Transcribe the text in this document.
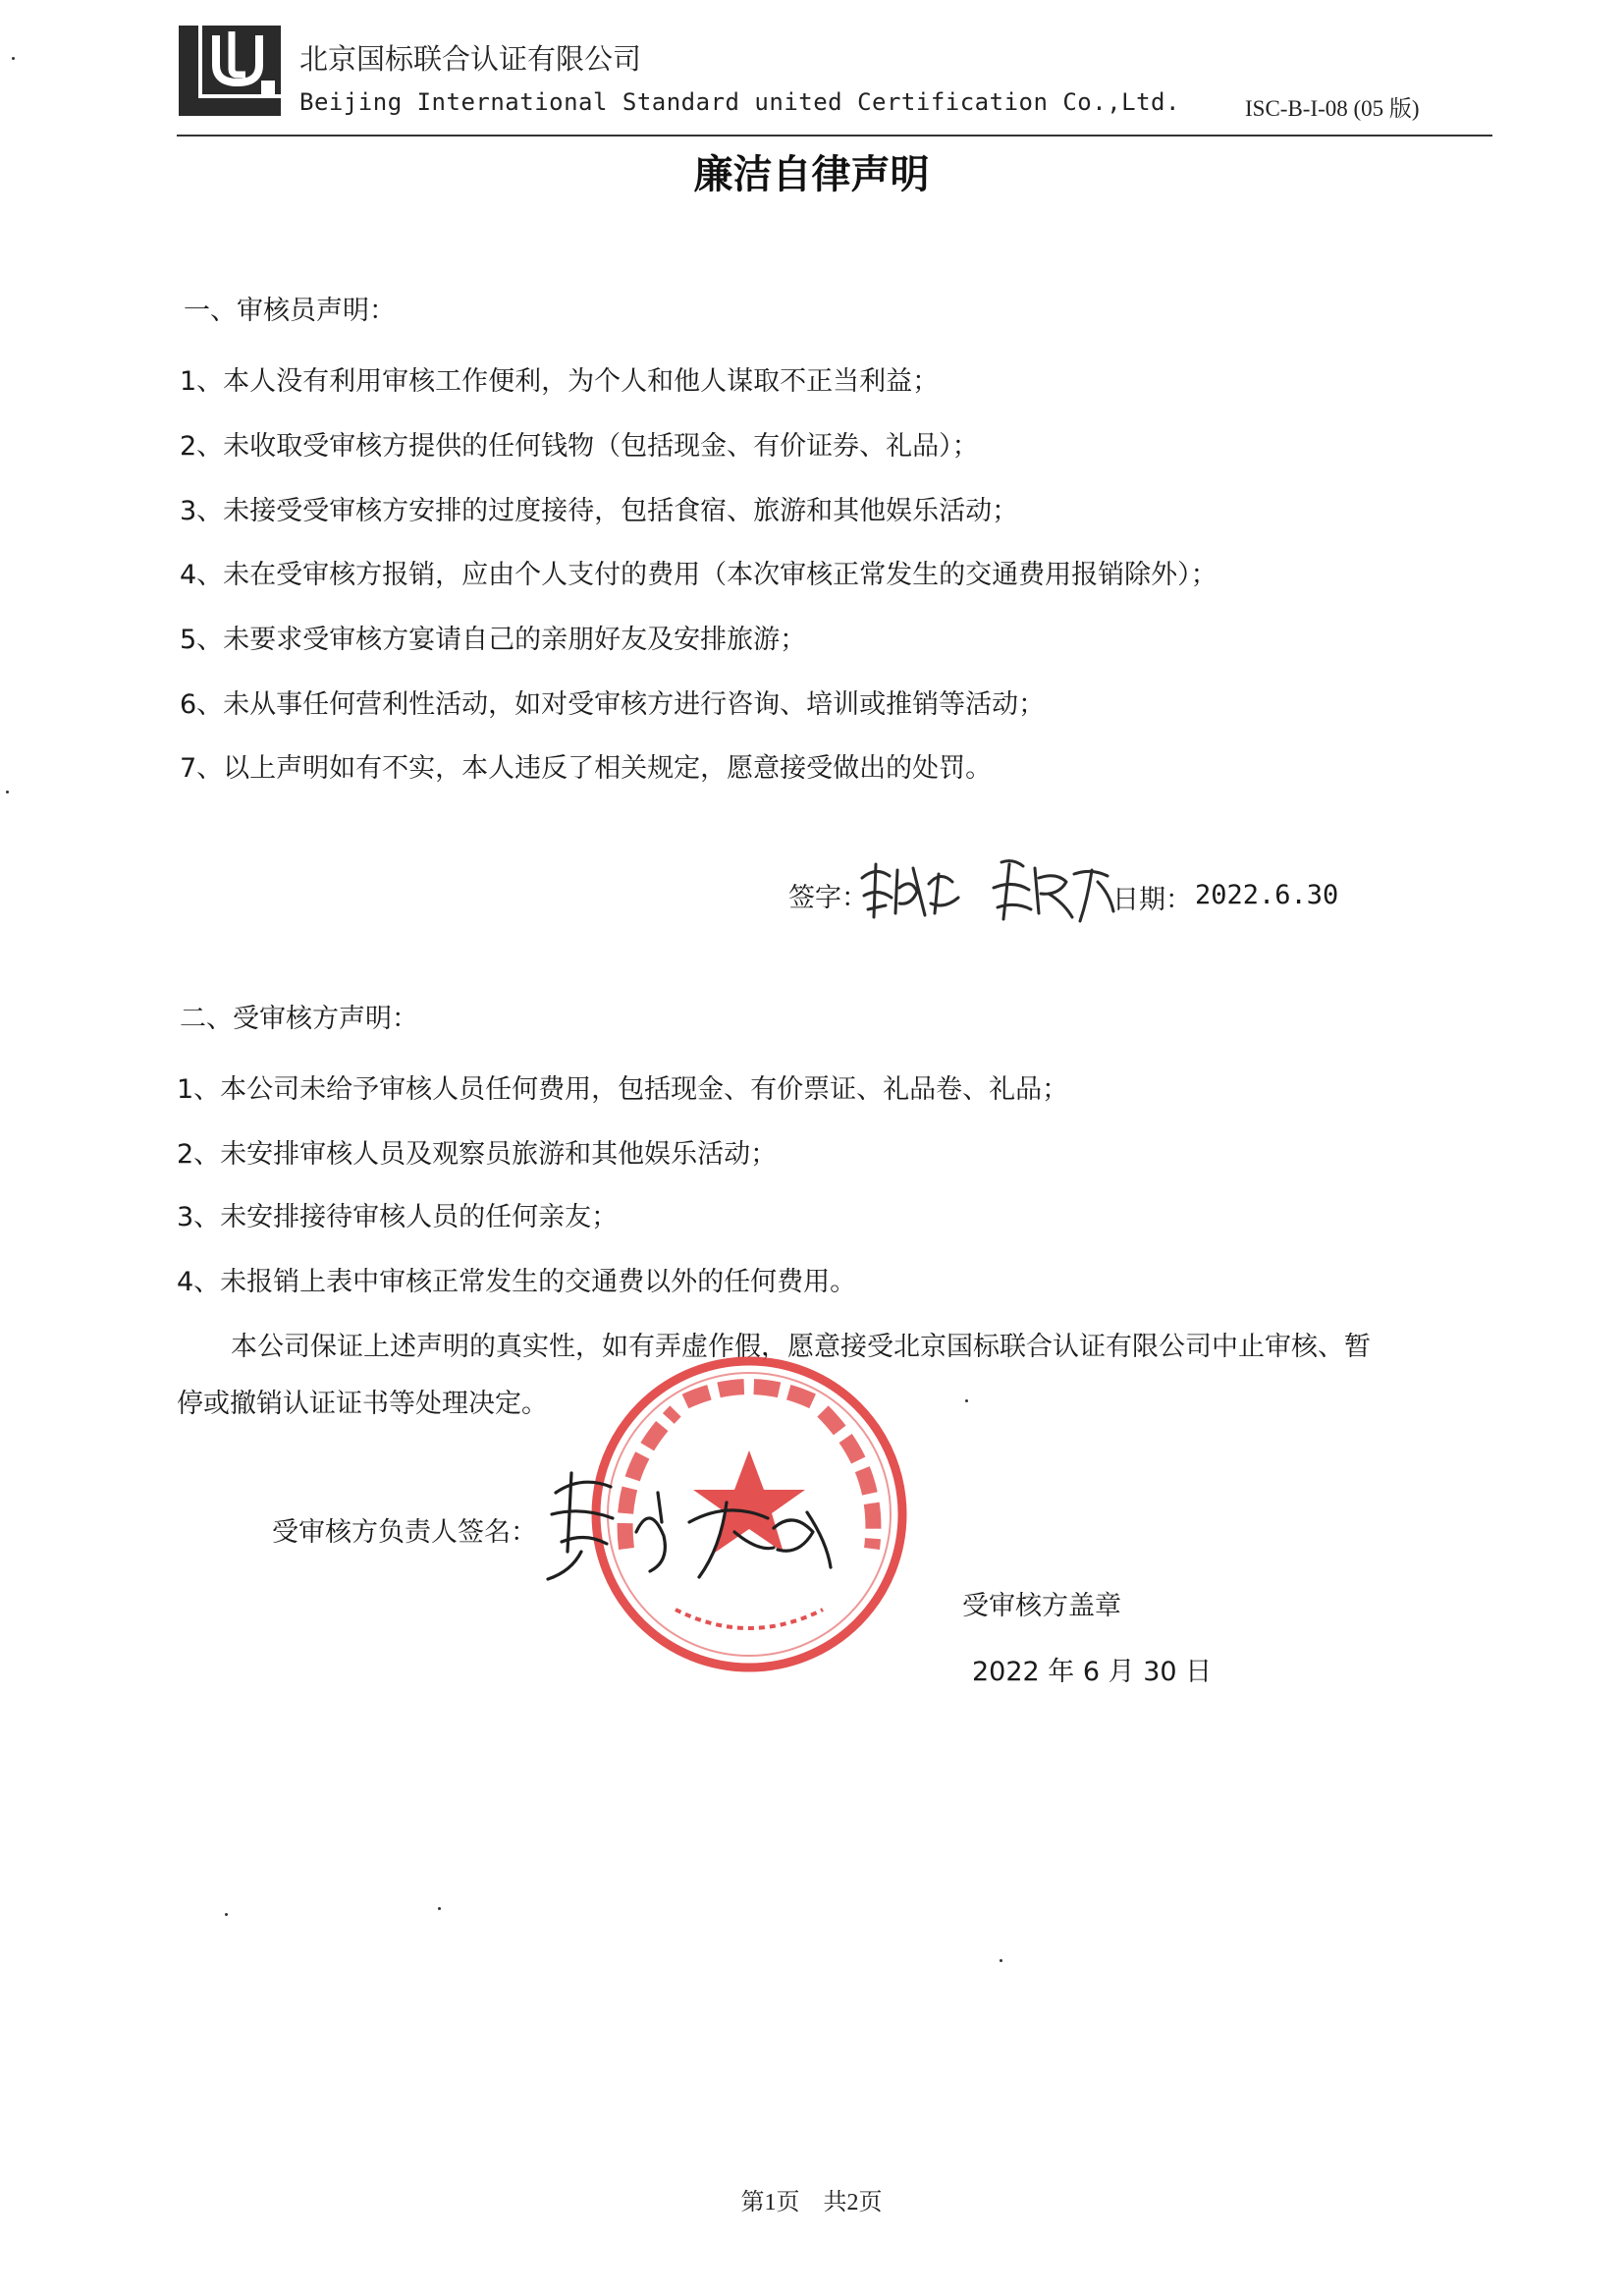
北京国标联合认证有限公司
Beijing International Standard united Certification Co.,Ltd.	ISC-B-I-08 (05 版)
廉洁自律声明
一、审核员声明：
1、本人没有利用审核工作便利，为个人和他人谋取不正当利益；
2、未收取受审核方提供的任何钱物（包括现金、有价证券、礼品）；
3、未接受受审核方安排的过度接待，包括食宿、旅游和其他娱乐活动；
4、未在受审核方报销，应由个人支付的费用（本次审核正常发生的交通费用报销除外）；
5、未要求受审核方宴请自己的亲朋好友及安排旅游；
6、未从事任何营利性活动，如对受审核方进行咨询、培训或推销等活动；
7、以上声明如有不实，本人违反了相关规定，愿意接受做出的处罚。
签字：	日期： 2022.6.30
二、受审核方声明：
1、本公司未给予审核人员任何费用，包括现金、有价票证、礼品卷、礼品；
2、未安排审核人员及观察员旅游和其他娱乐活动；
3、未安排接待审核人员的任何亲友；
4、未报销上表中审核正常发生的交通费以外的任何费用。
本公司保证上述声明的真实性，如有弄虚作假，愿意接受北京国标联合认证有限公司中止审核、暂
停或撤销认证证书等处理决定。
受审核方负责人签名：
受审核方盖章
2022 年 6 月 30 日
第1页　共2页
